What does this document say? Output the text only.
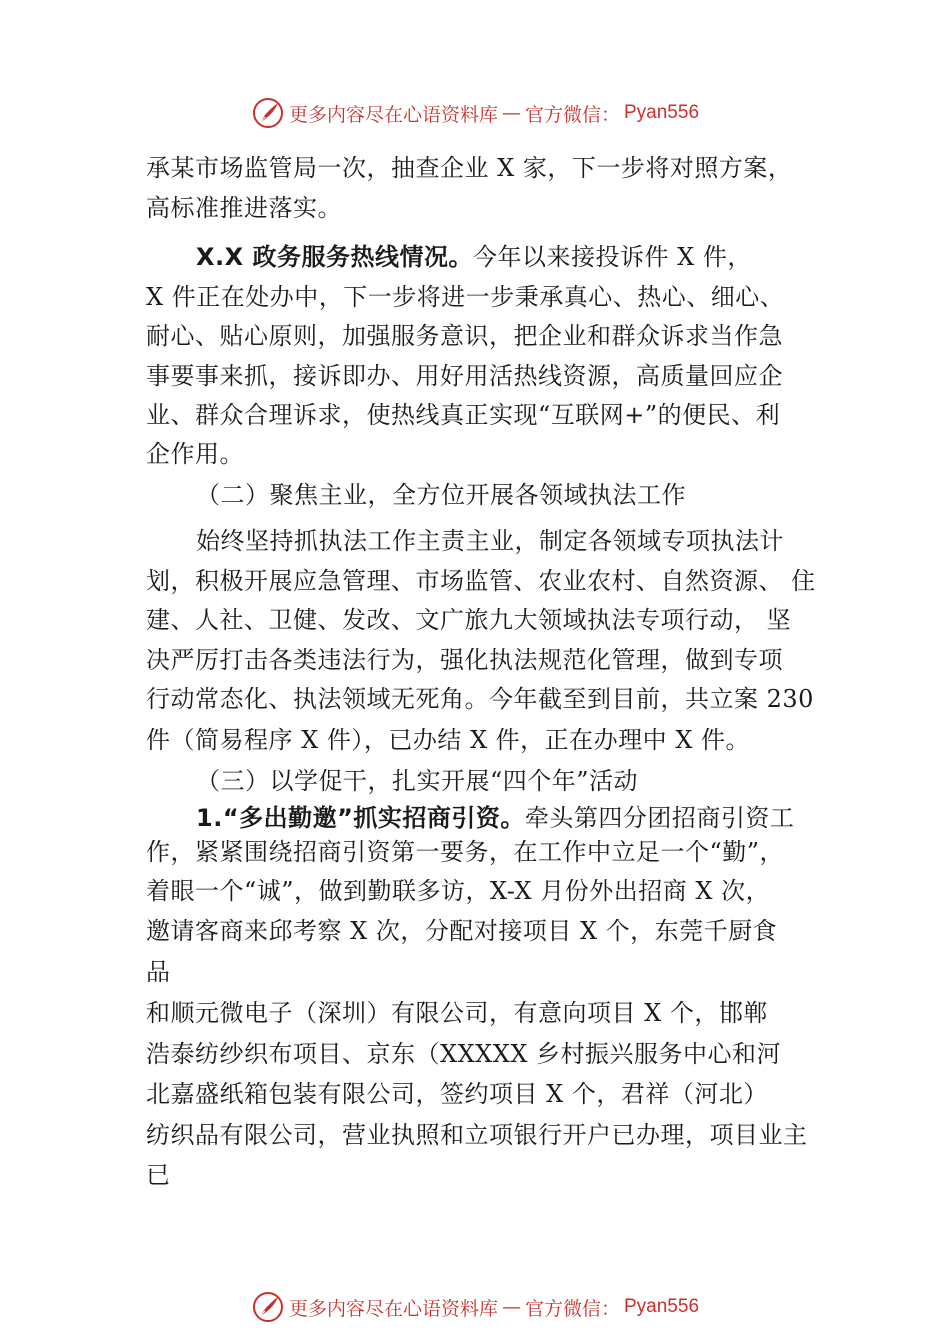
更多内容尽在心语资料库 — 官方微信： Pyan556
承某市场监管局一次，抽查企业 X 家，下一步将对照方案，
高标准推进落实。
X.X 政务服务热线情况。今年以来接投诉件 X 件，
X 件正在处办中，下一步将进一步秉承真心、热心、细心、
耐心、贴心原则，加强服务意识，把企业和群众诉求当作急
事要事来抓，接诉即办、用好用活热线资源，高质量回应企
业、群众合理诉求，使热线真正实现“互联网+”的便民、利
企作用。
（二）聚焦主业，全方位开展各领域执法工作
始终坚持抓执法工作主责主业，制定各领域专项执法计
划，积极开展应急管理、市场监管、农业农村、自然资源、 住
建、人社、卫健、发改、文广旅九大领域执法专项行动， 坚
决严厉打击各类违法行为，强化执法规范化管理，做到专项
行动常态化、执法领域无死角。今年截至到目前，共立案 230
件（简易程序 X 件），已办结 X 件，正在办理中 X 件。
（三）以学促干，扎实开展“四个年”活动
1.“多出勤邀”抓实招商引资。牵头第四分团招商引资工
作，紧紧围绕招商引资第一要务，在工作中立足一个“勤”，
着眼一个“诚”，做到勤联多访，X-X 月份外出招商 X 次，
邀请客商来邱考察 X 次，分配对接项目 X 个，东莞千厨食
品
和顺元微电子（深圳）有限公司，有意向项目 X 个，邯郸
浩泰纺纱织布项目、京东（XXXXX 乡村振兴服务中心和河
北嘉盛纸箱包装有限公司，签约项目 X 个，君祥（河北）
纺织品有限公司，营业执照和立项银行开户已办理，项目业主
已
更多内容尽在心语资料库 — 官方微信： Pyan556
